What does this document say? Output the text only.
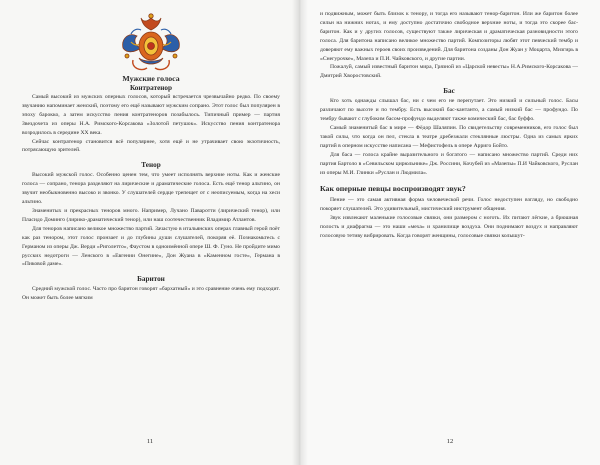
Мужские голоса
Контратенор

Самый высокий из мужских оперных голосов, который встречается чрезвычайно редко. По своему звучанию напоминает женский, поэтому его ещё называют мужским сопрано. Этот голос был популярен в эпоху барокко, а затем искусство пения контратеноров позабылось. Типичный пример — партия Звездочета из оперы Н.А. Римского-Корсакова «Золотой петушок». Искусство пения контратенора возродилось в середине XX века.

Сейчас контратенор становится всё популярнее, хотя ещё и не утрачивает свою экзотичность, потрясающую зрителей.

Тенор

Высокий мужской голос. Особенно ценен тем, что умеет исполнять верхние ноты. Как и женские голоса — сопрано, тенора разделяют на лирические и драматические голоса. Есть ещё тенор альтино, он звучит необыкновенно высоко и звонко. У слушателей сердце трепещет от с неописуемым, когда на хеси альтино.

Знаменитых и прекрасных теноров много. Например, Лучано Паваротти (лирический тенор), или Пласидо Доминго (лирико-драматический тенор), или наш соотечественник Владимир Атлантов.

Для теноров написано великое множество партий. Зачастую в итальянских операх главный герой поёт как раз тенором, этот голос пронзает и до глубины души слушателей, покоряя её. Познакомьтесь с Германом из оперы Дж. Верди «Риголетто», Фаустом в одноимённой опере Ш. Ф. Гуно. Не пройдите мимо русских недотроги — Ленского в «Евгении Онегине», Дон Жуана в «Каменном госте», Германа в «Пиковой даме».

Баритон

Средний мужской голос. Часто про баритон говорят «бархатный» и это сравнение очень ему подходит. Он может быть более мягким

11

и подвижным, может быть близок к тенору, и тогда его называют тенор-баритон. Или же баритон более сильн на нижних нотах, и ему доступно достаточно свободное верхние ноты, и тогда это скорее бас-баритон. Как и у других голосов, существуют также лирическая и драматическая разновидности этого голоса. Для баритона написано великое множество партий. Композиторы любят этот певческий тембр и доверяют ему важных героев своих произведений. Для баритона созданы Дон Жуан у Моцарта, Мизгирь в «Снегурочке», Мазепа и П.И. Чайковского, и другие партии.

Пожалуй, самый известный баритон мира, Грязной из «Царской невесты» Н.А.Римского-Корсакова — Дмитрий Хворостовский.

Бас

Кто хоть однажды слышал бас, ни с чем его не перепутает. Это низкий и сильный голос. Басы различают по высоте и по тембру. Есть высокий бас-кантанто, а самый низкий бас — профундо. По тембру бывают с глубоким басом-профундо выделяют также комический бас, бас буффо.

Самый знаменитый бас в мире — Фёдор Шаляпин. По свидетельству современников, его голос был такой силы, что когда он пел, стекла в театре дребезжали стеклянные люстры. Одна из самых ярких партий в оперном искусстве написана — Мефистофель в опере Арриго Бойто.

Для баса — голоса крайне выразительного и богатого — написано множество партий. Среди них партия Бартоло в «Севильском цирюльнике» Дж. Россини, Кочубей из «Мазепы» П.И Чайковского, Руслан из оперы М.И. Глинки «Руслан и Людмила».

Как оперные певцы воспроизводят звук?

Пение — это самая активная форма человеческой речи. Голос недоступен взгляду, но свободно покоряет слушателей. Это удивительный, мистический инструмент общения.

Звук извлекают маленькие голосовые связки, они размером с ноготь. Их питают лёгкие, а брюшная полость и диафрагма — это наши «меха» и хранилище воздуха. Они поднимают воздух и направляют голосовую тетиву вибрировать. Когда говорят женщины, голосовые связки колышут-

12
